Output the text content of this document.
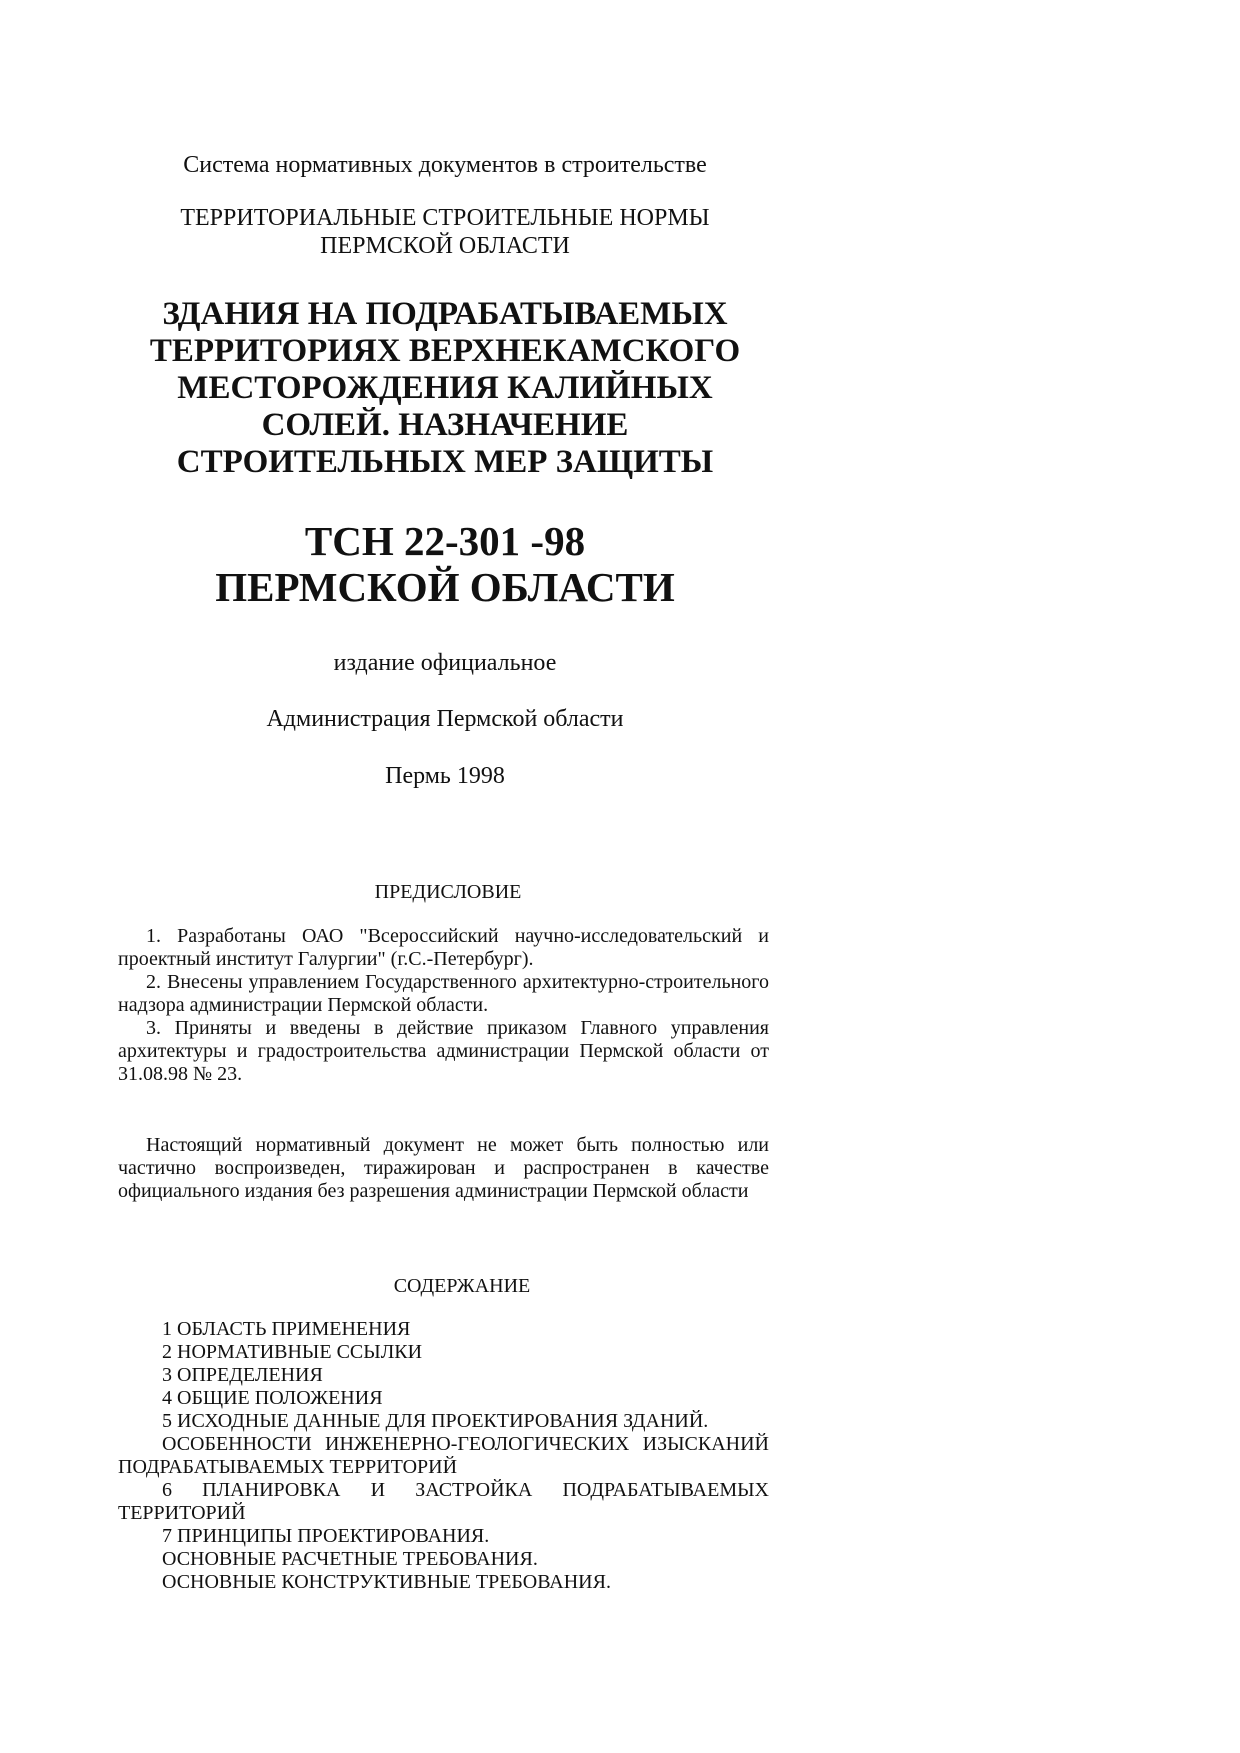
Система нормативных документов в строительстве
ТЕРРИТОРИАЛЬНЫЕ СТРОИТЕЛЬНЫЕ НОРМЫ
ПЕРМСКОЙ ОБЛАСТИ
ЗДАНИЯ НА ПОДРАБАТЫВАЕМЫХ
ТЕРРИТОРИЯХ ВЕРХНЕКАМСКОГО
МЕСТОРОЖДЕНИЯ КАЛИЙНЫХ
СОЛЕЙ. НАЗНАЧЕНИЕ
СТРОИТЕЛЬНЫХ МЕР ЗАЩИТЫ
ТСН 22-301 -98
ПЕРМСКОЙ ОБЛАСТИ
издание официальное
Администрация Пермской области
Пермь 1998
ПРЕДИСЛОВИЕ

1. Разработаны ОАО "Всероссийский научно-исследовательский и проектный институт Галургии" (г.С.-Петербург).

2. Внесены управлением Государственного архитектурно-строительного надзора администрации Пермской области.

3. Приняты и введены в действие приказом Главного управления архитектуры и градостроительства администрации Пермской области от 31.08.98 № 23.

Настоящий нормативный документ не может быть полностью или частично воспроизведен, тиражирован и распространен в качестве официального издания без разрешения администрации Пермской области

СОДЕРЖАНИЕ
1 ОБЛАСТЬ ПРИМЕНЕНИЯ
2 НОРМАТИВНЫЕ ССЫЛКИ
3 ОПРЕДЕЛЕНИЯ
4 ОБЩИЕ ПОЛОЖЕНИЯ
5 ИСХОДНЫЕ ДАННЫЕ ДЛЯ ПРОЕКТИРОВАНИЯ ЗДАНИЙ.
ОСОБЕННОСТИ ИНЖЕНЕРНО-ГЕОЛОГИЧЕСКИХ ИЗЫСКАНИЙ ПОДРАБАТЫВАЕМЫХ ТЕРРИТОРИЙ
6 ПЛАНИРОВКА И ЗАСТРОЙКА ПОДРАБАТЫВАЕМЫХ ТЕРРИТОРИЙ
7 ПРИНЦИПЫ ПРОЕКТИРОВАНИЯ.
ОСНОВНЫЕ РАСЧЕТНЫЕ ТРЕБОВАНИЯ.
ОСНОВНЫЕ КОНСТРУКТИВНЫЕ ТРЕБОВАНИЯ.
